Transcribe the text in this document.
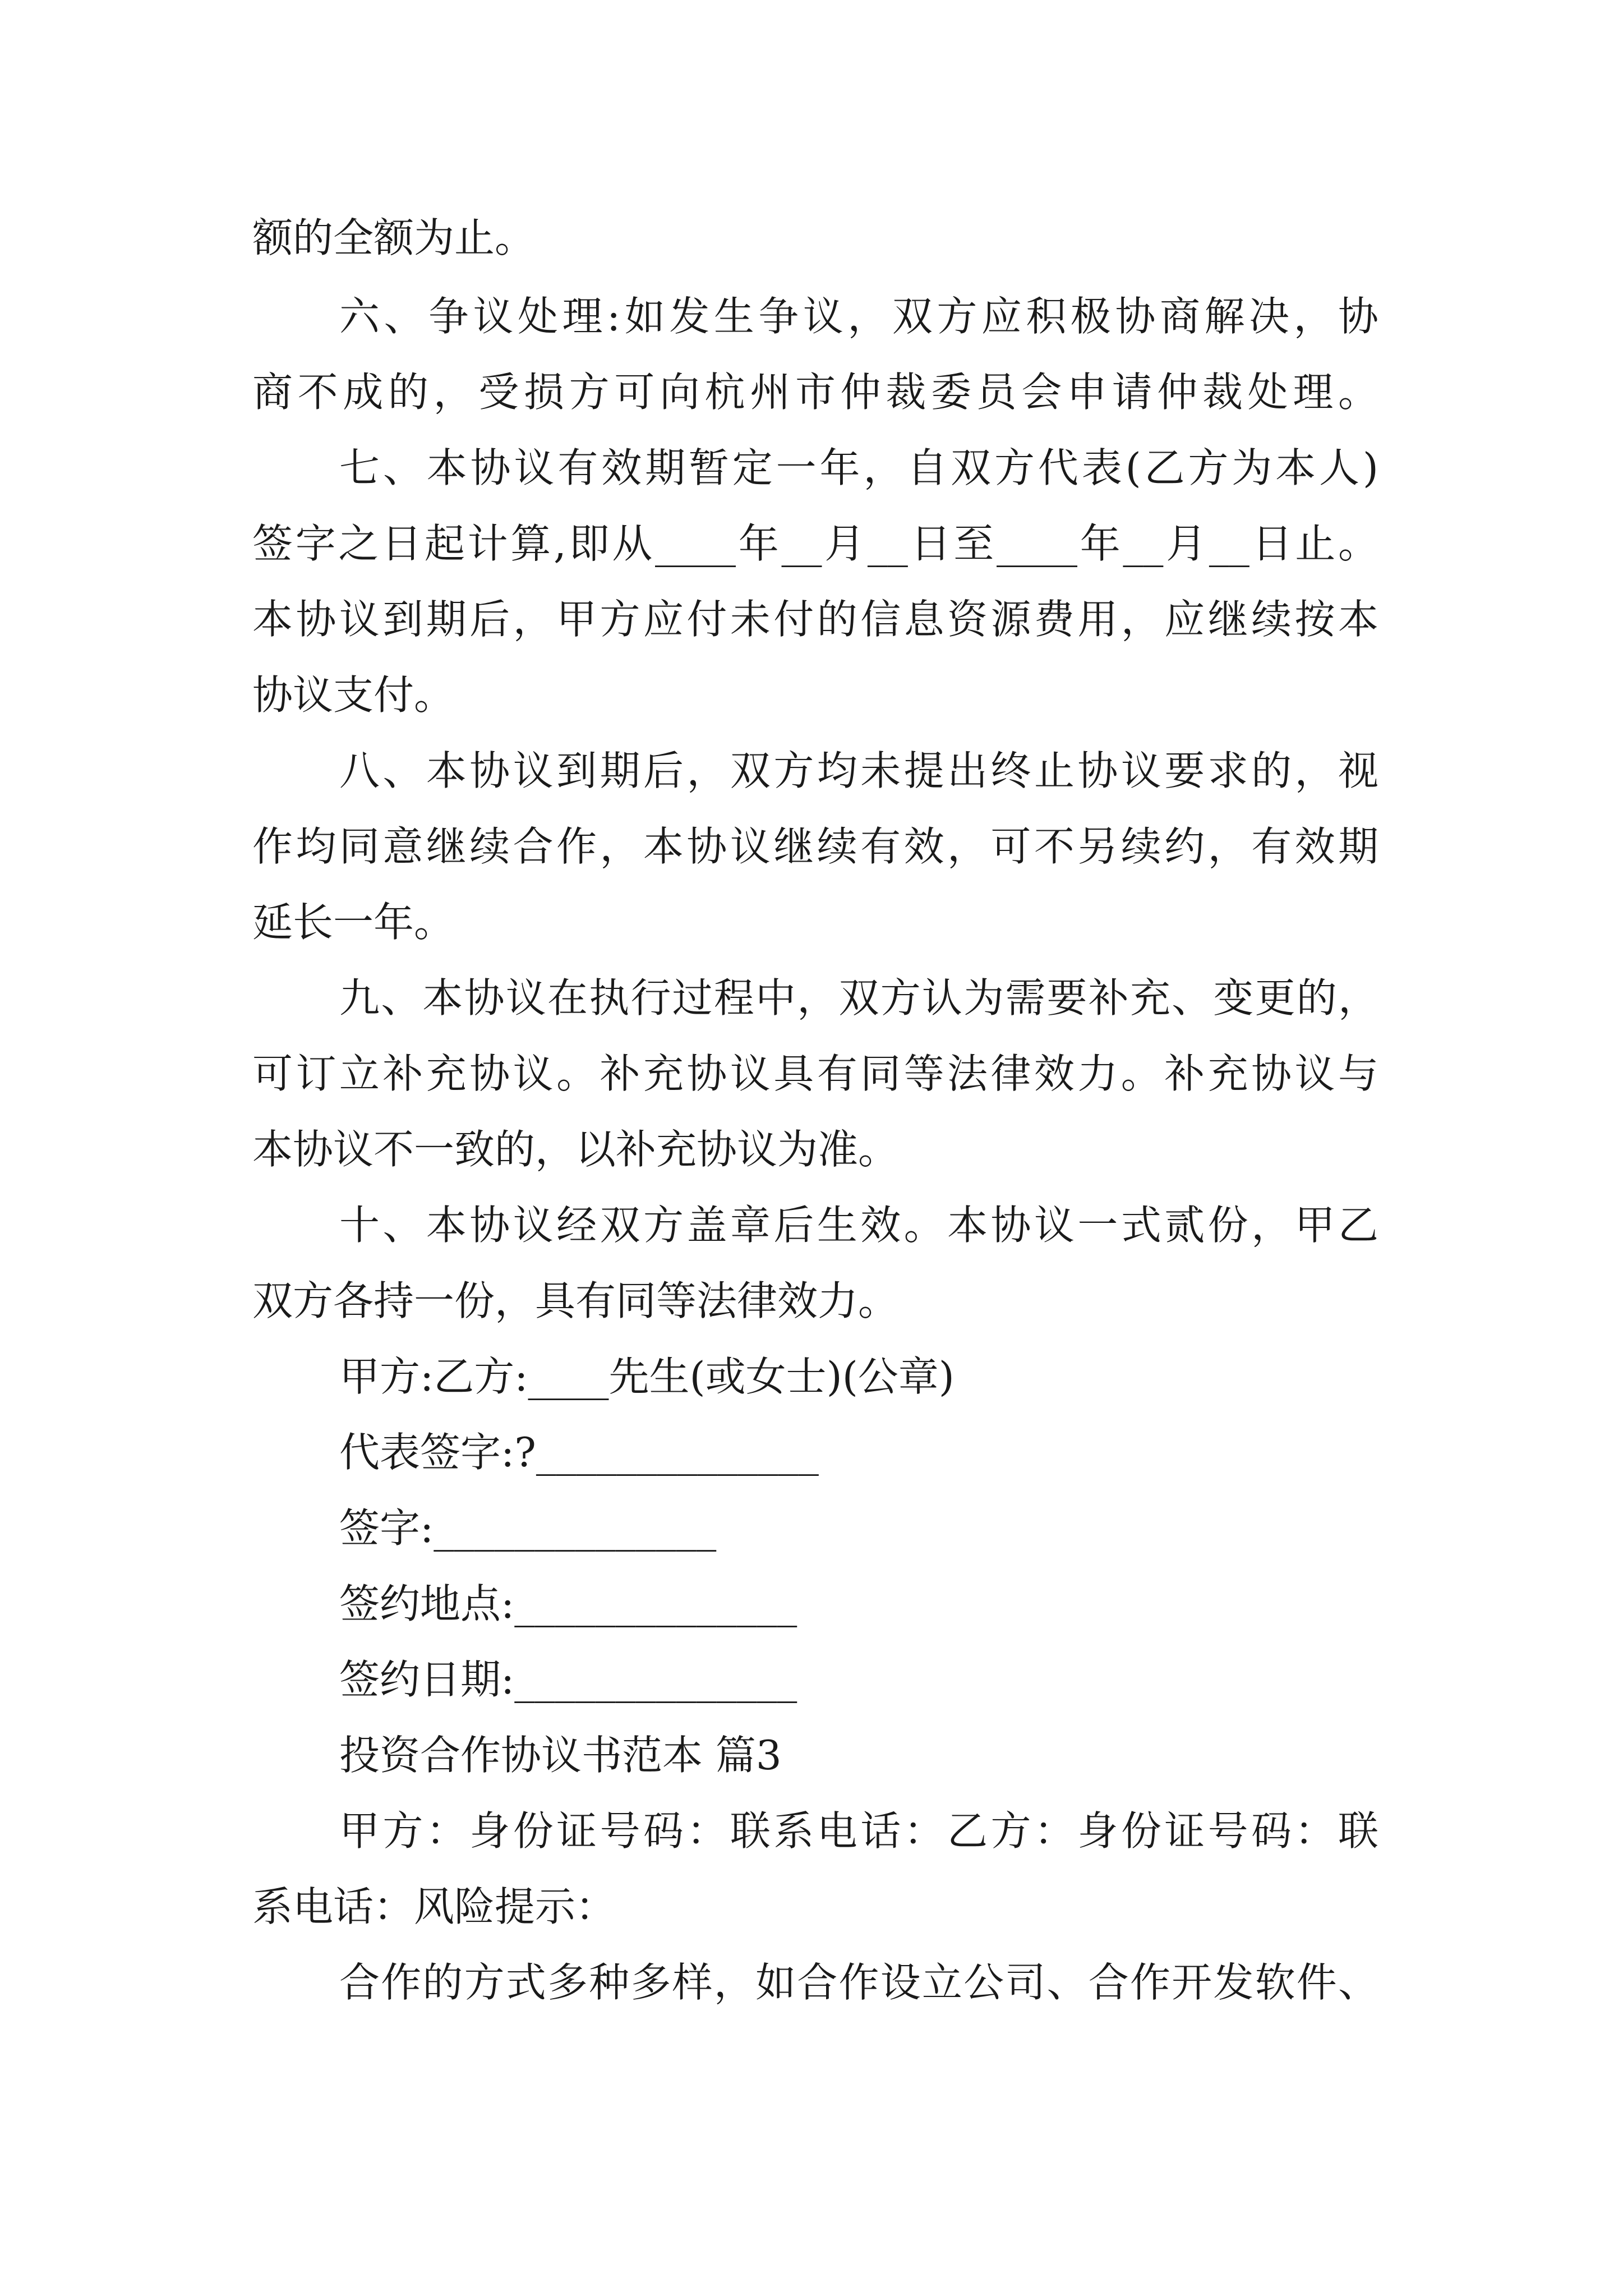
额的全额为止。
六、争议处理:如发生争议，双方应积极协商解决，协
商不成的，受损方可向杭州市仲裁委员会申请仲裁处理。
七、本协议有效期暂定一年，自双方代表(乙方为本人)
签字之日起计算,即从____年__月__日至____年__月__日止。
本协议到期后，甲方应付未付的信息资源费用，应继续按本
协议支付。
八、本协议到期后，双方均未提出终止协议要求的，视
作均同意继续合作，本协议继续有效，可不另续约，有效期
延长一年。
九、本协议在执行过程中，双方认为需要补充、变更的，
可订立补充协议。补充协议具有同等法律效力。补充协议与
本协议不一致的，以补充协议为准。
十、本协议经双方盖章后生效。本协议一式贰份，甲乙
双方各持一份，具有同等法律效力。
甲方:乙方:____先生(或女士)(公章)
代表签字:?______________
签字:______________
签约地点:______________
签约日期:______________
投资合作协议书范本 篇3
甲方：身份证号码：联系电话：乙方：身份证号码：联
系电话：风险提示：
合作的方式多种多样，如合作设立公司、合作开发软件、
